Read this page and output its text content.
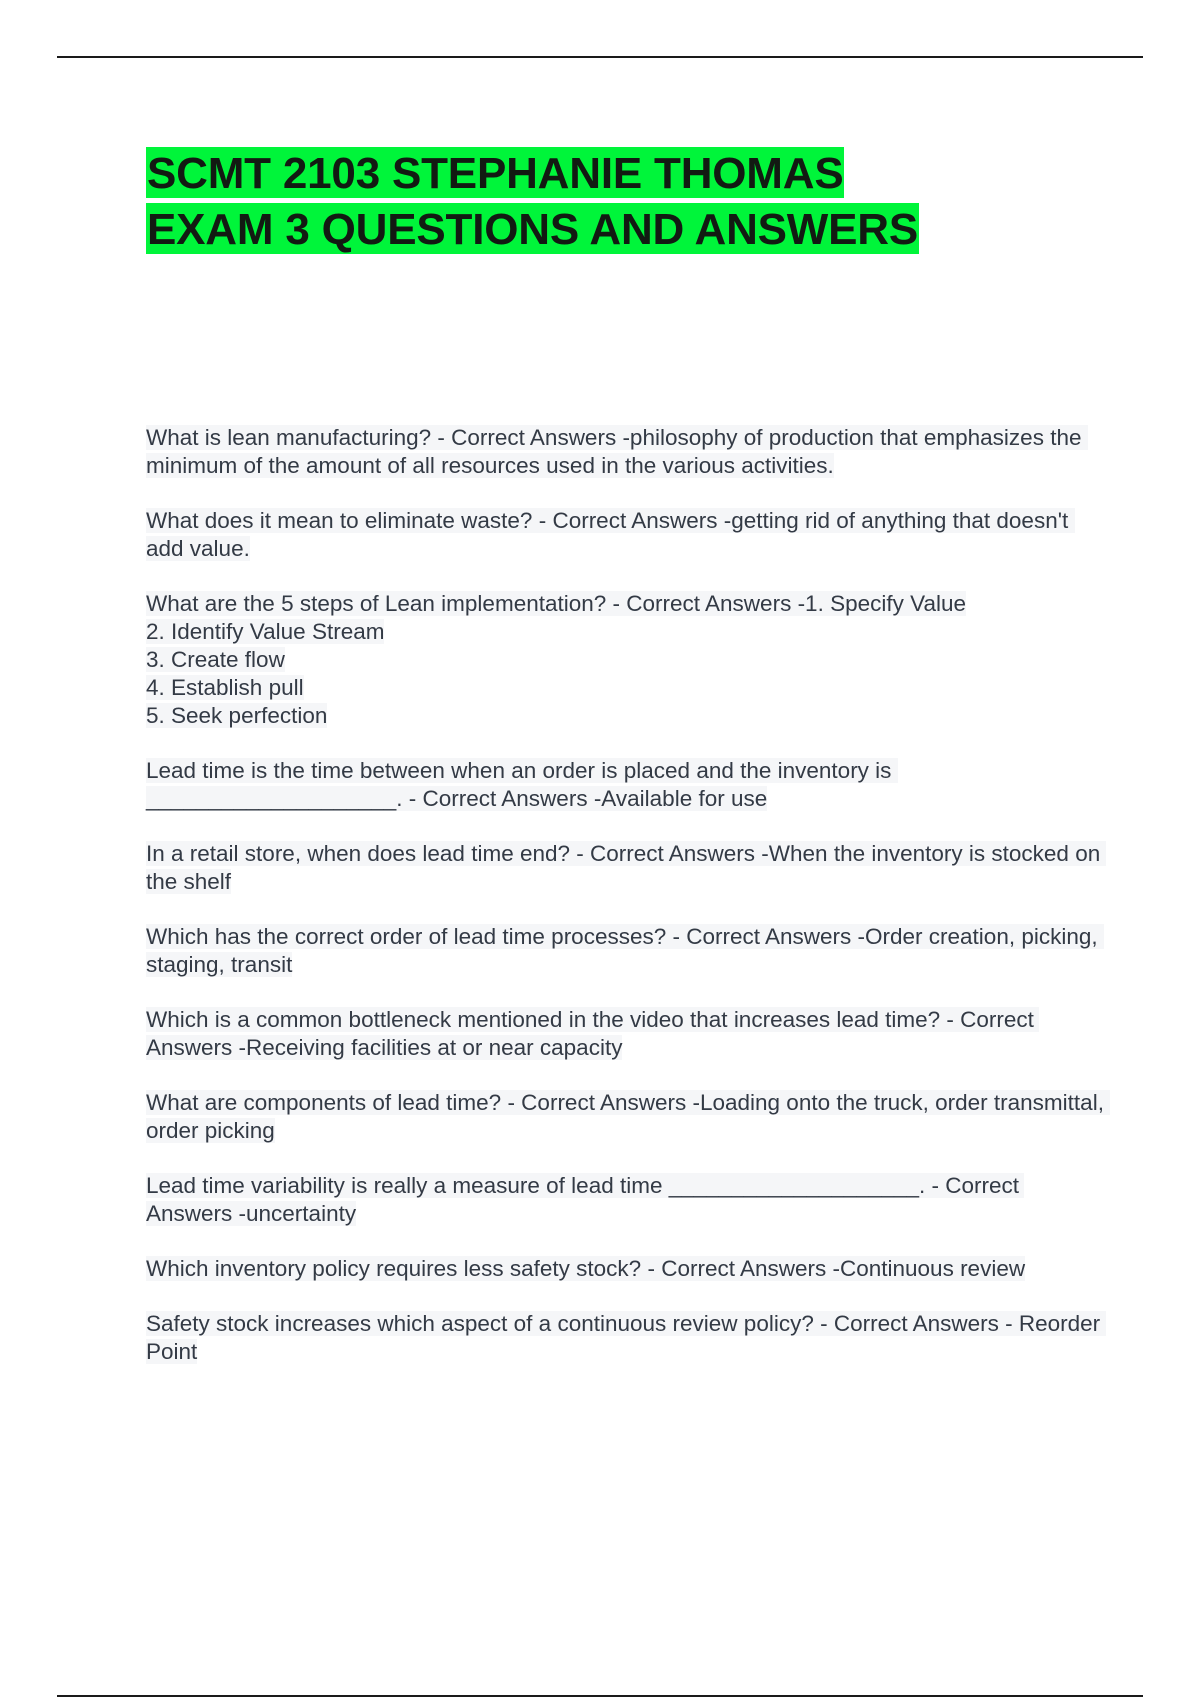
SCMT 2103 STEPHANIE THOMAS
EXAM 3 QUESTIONS AND ANSWERS

What is lean manufacturing? - Correct Answers -philosophy of production that emphasizes the minimum of the amount of all resources used in the various activities.

What does it mean to eliminate waste? - Correct Answers -getting rid of anything that doesn't add value.

What are the 5 steps of Lean implementation? - Correct Answers -1. Specify Value
2. Identify Value Stream
3. Create flow
4. Establish pull
5. Seek perfection

Lead time is the time between when an order is placed and the inventory is ____________________. - Correct Answers -Available for use

In a retail store, when does lead time end? - Correct Answers -When the inventory is stocked on the shelf

Which has the correct order of lead time processes? - Correct Answers -Order creation, picking, staging, transit

Which is a common bottleneck mentioned in the video that increases lead time? - Correct Answers -Receiving facilities at or near capacity

What are components of lead time? - Correct Answers -Loading onto the truck, order transmittal, order picking

Lead time variability is really a measure of lead time ____________________. - Correct Answers -uncertainty

Which inventory policy requires less safety stock? - Correct Answers -Continuous review

Safety stock increases which aspect of a continuous review policy? - Correct Answers - Reorder Point
